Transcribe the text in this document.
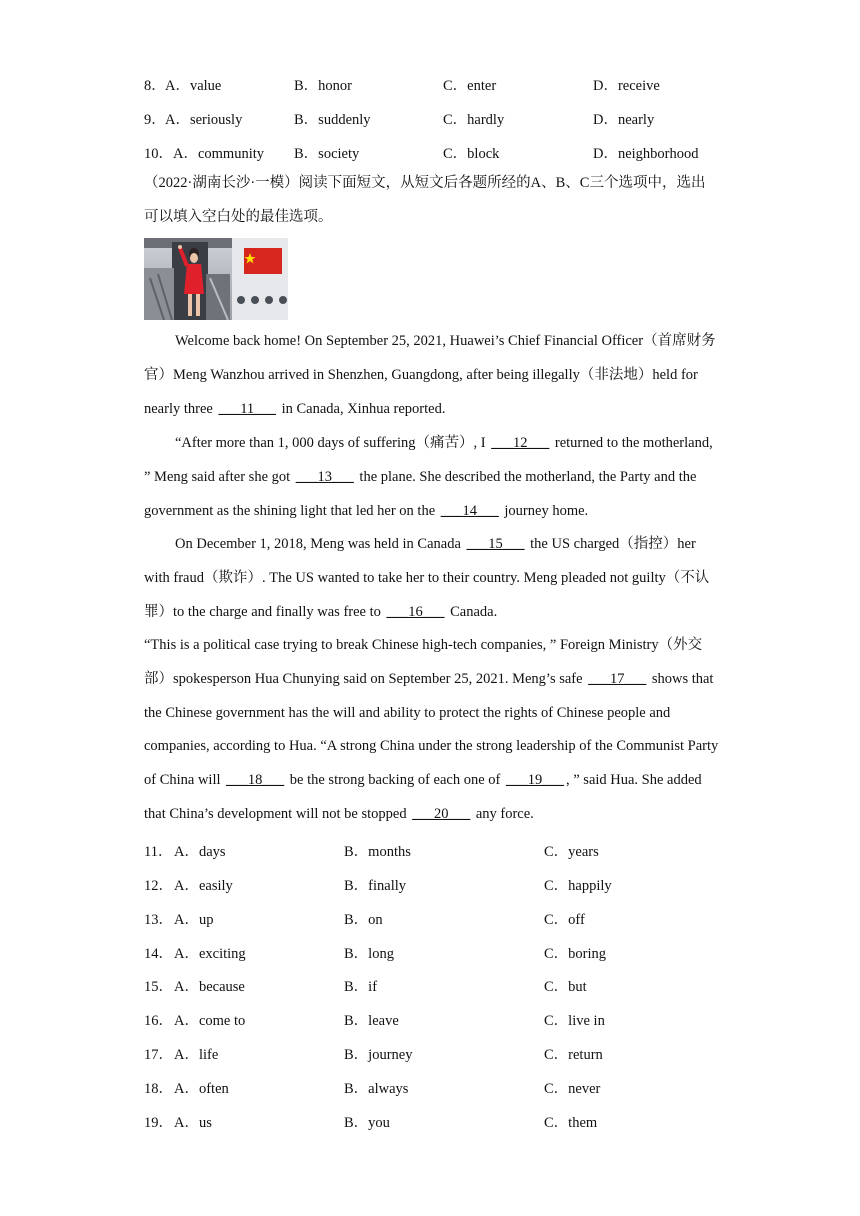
8． A．value	B．honor	C．enter	D．receive
9． A．seriously	B．suddenly	C．hardly	D．nearly
10． A．community B．society	C．block	D．neighborhood

（2022·湖南长沙·一模）阅读下面短文，从短文后各题所经的A、B、C三个选项中，选出可以填入空白处的最佳选项。

Welcome back home! On September 25, 2021, Huawei’s Chief Financial Officer（首席财务官）Meng Wanzhou arrived in Shenzhen, Guangdong, after being illegally（非法地）held for nearly three ___11___ in Canada, Xinhua reported.

“After more than 1, 000 days of suffering（痛苦）, I ___12___ returned to the motherland, ” Meng said after she got ___13___ the plane. She described the motherland, the Party and the government as the shining light that led her on the ___14___ journey home.

On December 1, 2018, Meng was held in Canada ___15___ the US charged（指控）her with fraud（欺诈）. The US wanted to take her to their country. Meng pleaded not guilty（不认罪）to the charge and finally was free to ___16___ Canada.

“This is a political case trying to break Chinese high-tech companies, ” Foreign Ministry（外交部）spokesperson Hua Chunying said on September 25, 2021. Meng’s safe ___17___ shows that the Chinese government has the will and ability to protect the rights of Chinese people and companies, according to Hua. “A strong China under the strong leadership of the Communist Party of China will ___18___ be the strong backing of each one of ___19___ , ” said Hua. She added that China’s development will not be stopped ___20___ any force.

11． A．days	B．months	C．years
12． A．easily	B．finally	C．happily
13． A．up	B．on	C．off
14． A．exciting	B．long	C．boring
15． A．because	B．if	C．but
16． A．come to	B．leave	C．live in
17． A．life	B．journey	C．return
18． A．often	B．always	C．never
19． A．us	B．you	C．them
